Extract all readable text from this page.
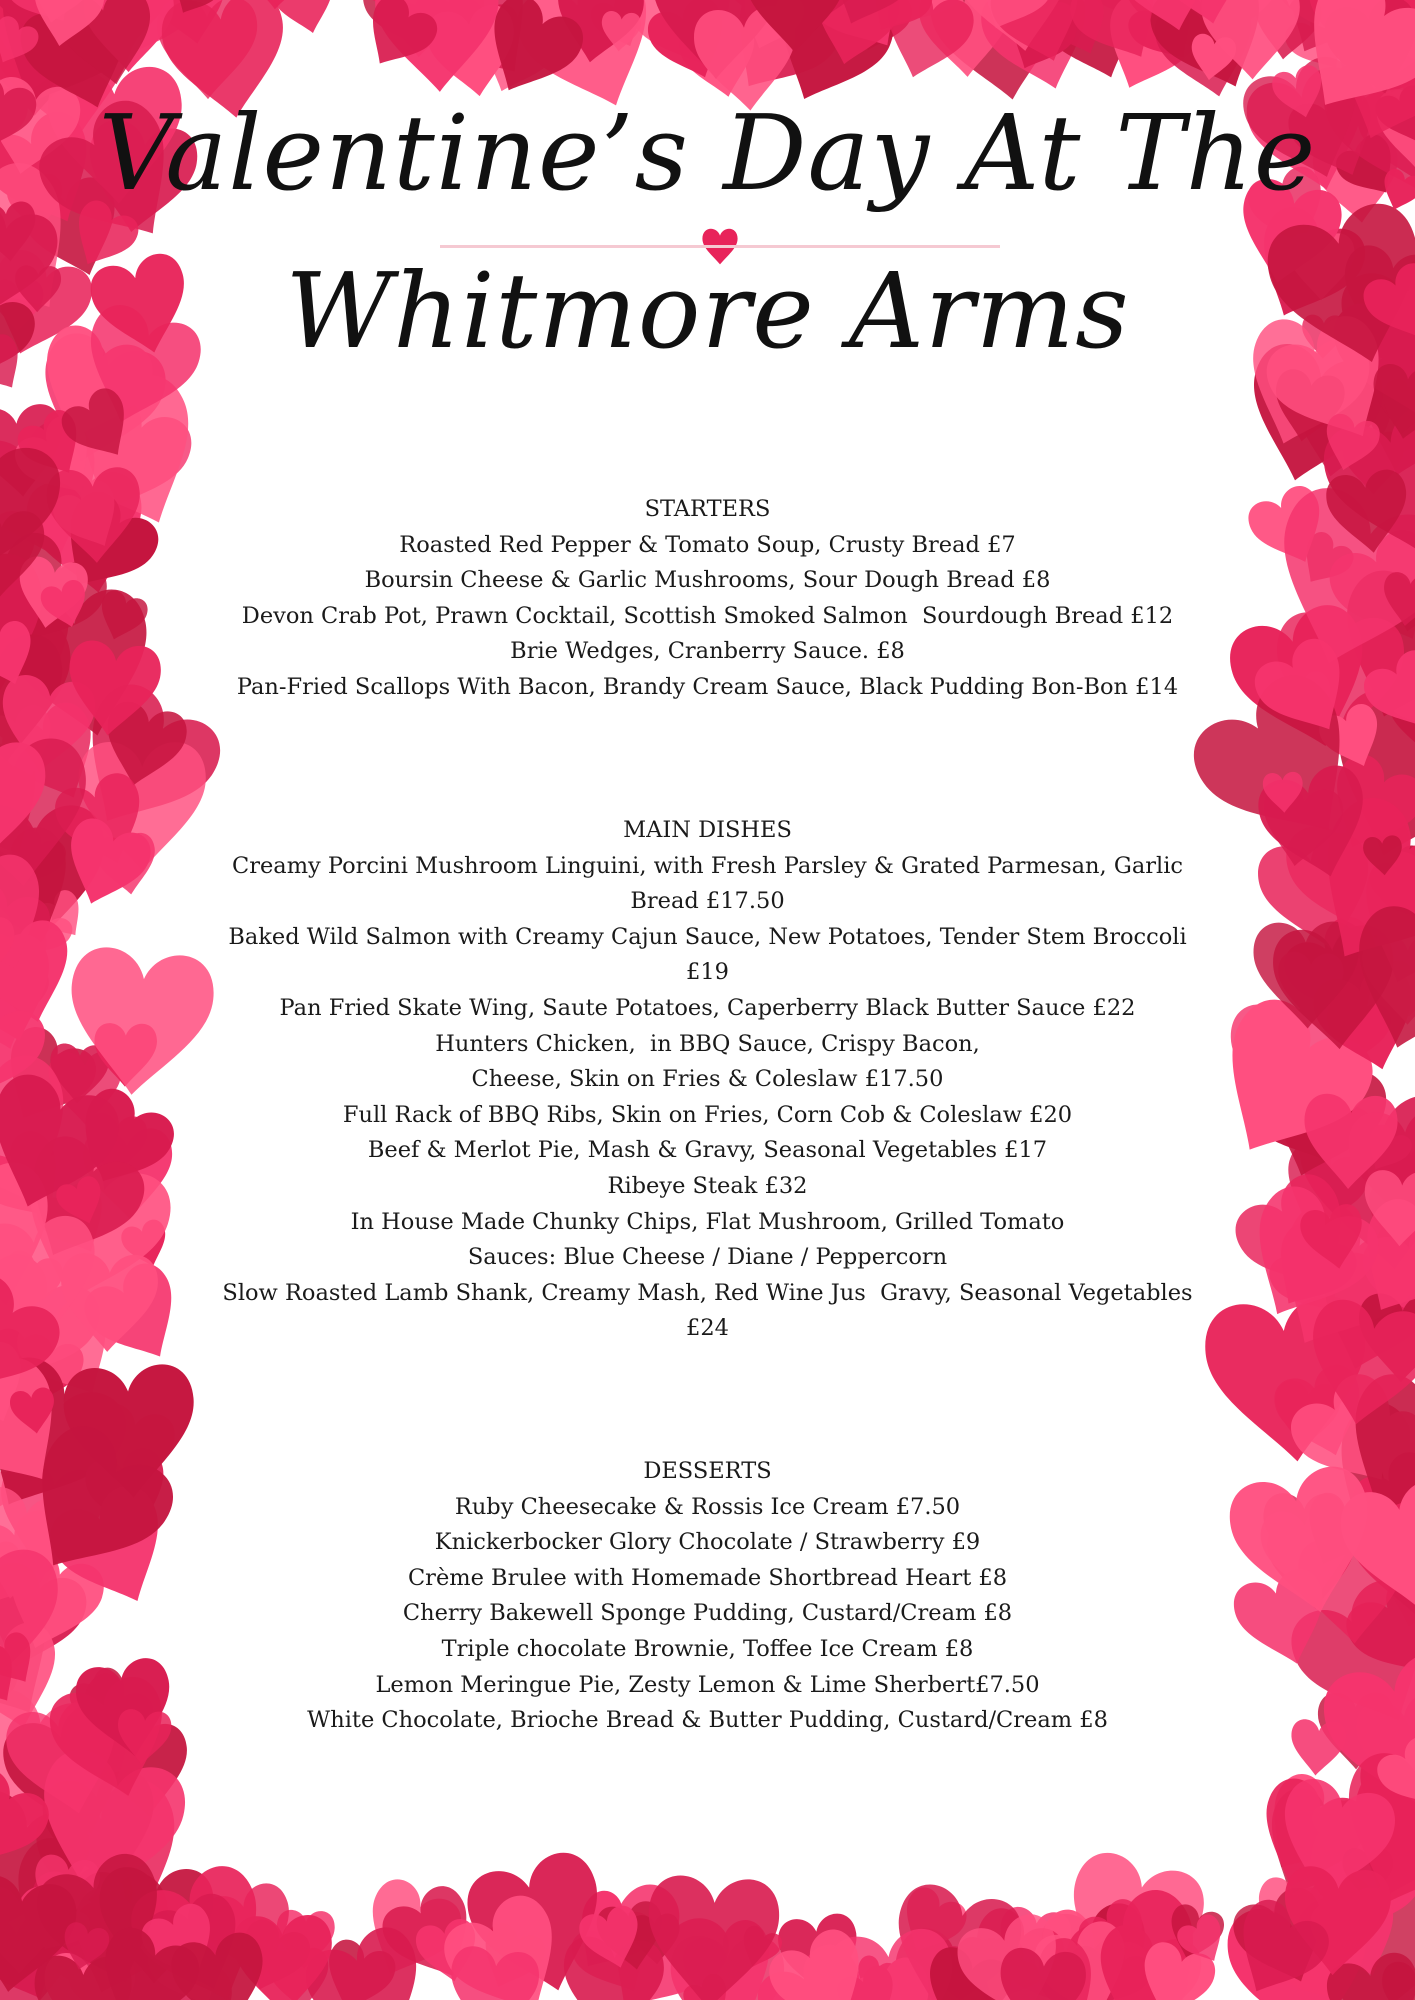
Valentine’s Day At The
Whitmore Arms
STARTERS
Roasted Red Pepper & Tomato Soup, Crusty Bread £7
Boursin Cheese & Garlic Mushrooms, Sour Dough Bread £8
Devon Crab Pot, Prawn Cocktail, Scottish Smoked Salmon  Sourdough Bread £12
Brie Wedges, Cranberry Sauce. £8
Pan-Fried Scallops With Bacon, Brandy Cream Sauce, Black Pudding Bon-Bon £14
MAIN DISHES
Creamy Porcini Mushroom Linguini, with Fresh Parsley & Grated Parmesan, Garlic
Bread £17.50
Baked Wild Salmon with Creamy Cajun Sauce, New Potatoes, Tender Stem Broccoli
£19
Pan Fried Skate Wing, Saute Potatoes, Caperberry Black Butter Sauce £22
Hunters Chicken,  in BBQ Sauce, Crispy Bacon,
Cheese, Skin on Fries & Coleslaw £17.50
Full Rack of BBQ Ribs, Skin on Fries, Corn Cob & Coleslaw £20
Beef & Merlot Pie, Mash & Gravy, Seasonal Vegetables £17
Ribeye Steak £32
In House Made Chunky Chips, Flat Mushroom, Grilled Tomato
Sauces: Blue Cheese / Diane / Peppercorn
Slow Roasted Lamb Shank, Creamy Mash, Red Wine Jus  Gravy, Seasonal Vegetables
£24
DESSERTS
Ruby Cheesecake & Rossis Ice Cream £7.50
Knickerbocker Glory Chocolate / Strawberry £9
Crème Brulee with Homemade Shortbread Heart £8
Cherry Bakewell Sponge Pudding, Custard/Cream £8
Triple chocolate Brownie, Toffee Ice Cream £8
Lemon Meringue Pie, Zesty Lemon & Lime Sherbert£7.50
White Chocolate, Brioche Bread & Butter Pudding, Custard/Cream £8
